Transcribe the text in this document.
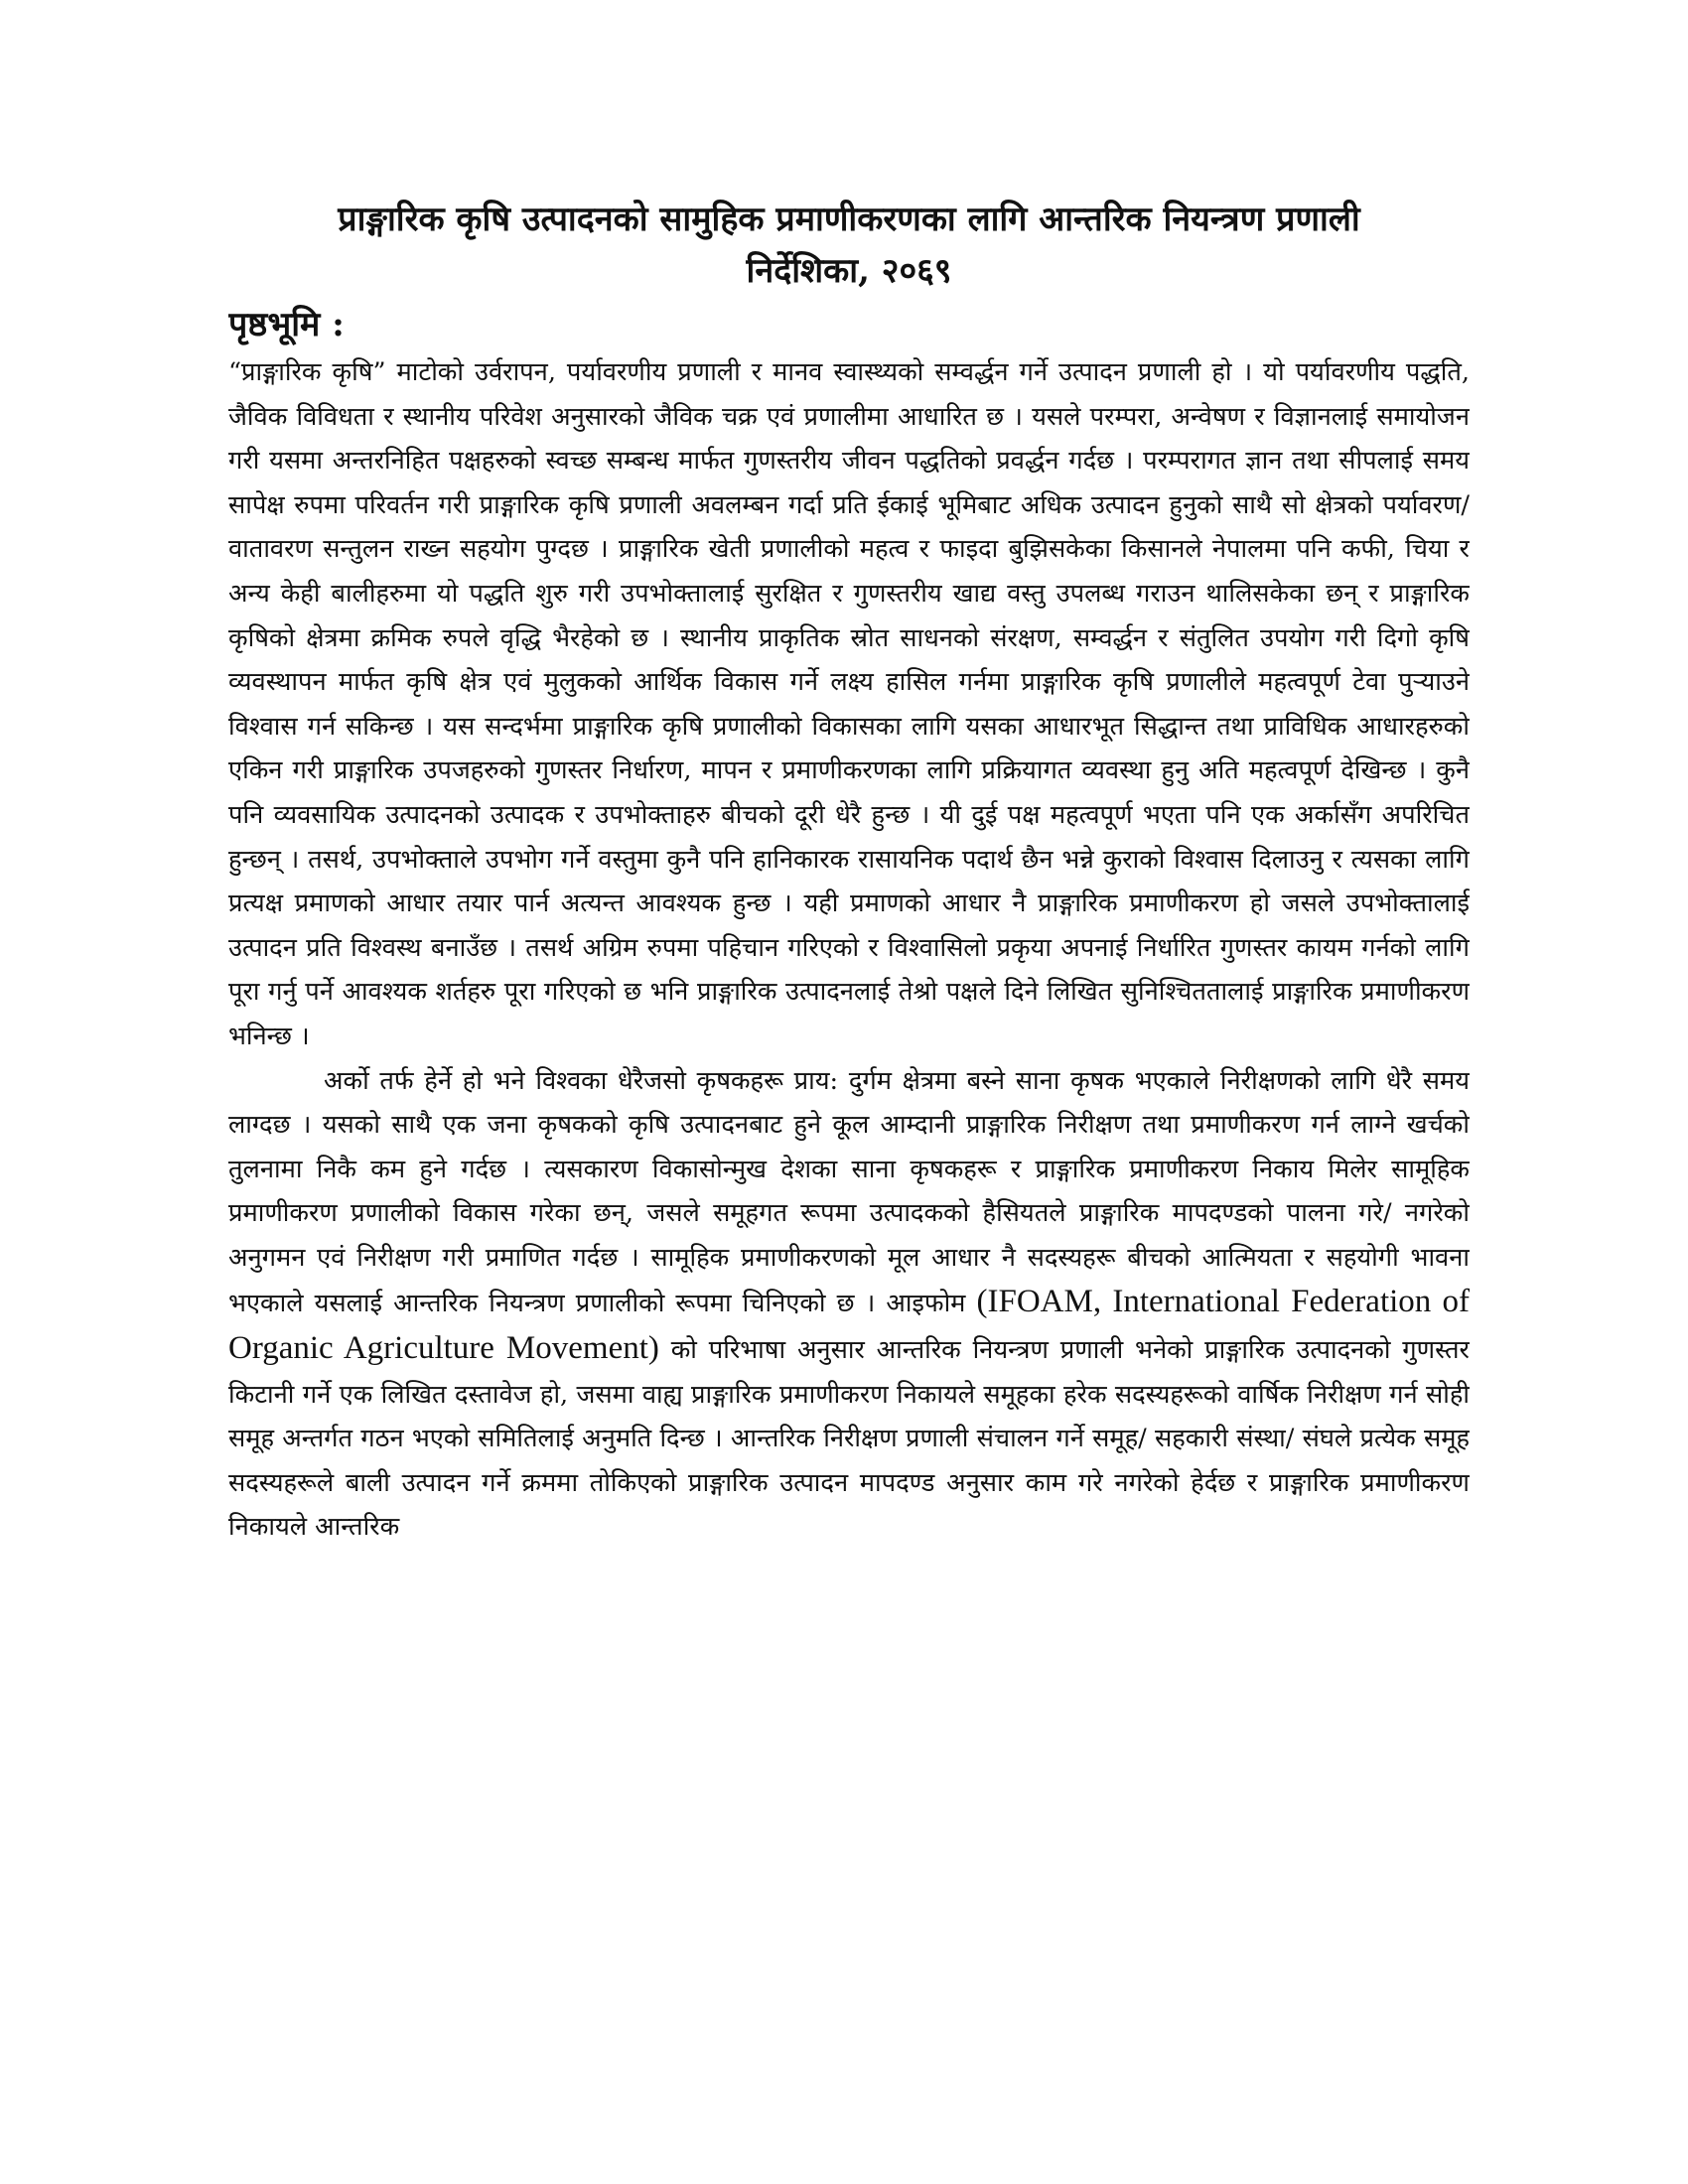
प्राङ्गारिक कृषि उत्पादनको सामुहिक प्रमाणीकरणका लागि आन्तरिक नियन्त्रण प्रणाली
निर्देशिका, २०६९
पृष्ठभूमि :

“प्राङ्गारिक कृषि” माटोको उर्वरापन, पर्यावरणीय प्रणाली र मानव स्वास्थ्यको सम्वर्द्धन गर्ने उत्पादन प्रणाली हो । यो पर्यावरणीय पद्धति, जैविक विविधता र स्थानीय परिवेश अनुसारको जैविक चक्र एवं प्रणालीमा आधारित छ । यसले परम्परा, अन्वेषण र विज्ञानलाई समायोजन गरी यसमा अन्तरनिहित पक्षहरुको स्वच्छ सम्बन्ध मार्फत गुणस्तरीय जीवन पद्धतिको प्रवर्द्धन गर्दछ । परम्परागत ज्ञान तथा सीपलाई समय सापेक्ष रुपमा परिवर्तन गरी प्राङ्गारिक कृषि प्रणाली अवलम्बन गर्दा प्रति ईकाई भूमिबाट अधिक उत्पादन हुनुको साथै सो क्षेत्रको पर्यावरण/वातावरण सन्तुलन राख्न सहयोग पुग्दछ । प्राङ्गारिक खेती प्रणालीको महत्व र फाइदा बुझिसकेका किसानले नेपालमा पनि कफी, चिया र अन्य केही बालीहरुमा यो पद्धति शुरु गरी उपभोक्तालाई सुरक्षित र गुणस्तरीय खाद्य वस्तु उपलब्ध गराउन थालिसकेका छन् र प्राङ्गारिक कृषिको क्षेत्रमा क्रमिक रुपले वृद्धि भैरहेको छ । स्थानीय प्राकृतिक स्रोत साधनको संरक्षण, सम्वर्द्धन र संतुलित उपयोग गरी दिगो कृषि व्यवस्थापन मार्फत कृषि क्षेत्र एवं मुलुकको आर्थिक विकास गर्ने लक्ष्य हासिल गर्नमा प्राङ्गारिक कृषि प्रणालीले महत्वपूर्ण टेवा पुर्‍याउने विश्वास गर्न सकिन्छ । यस सन्दर्भमा प्राङ्गारिक कृषि प्रणालीको विकासका लागि यसका आधारभूत सिद्धान्त तथा प्राविधिक आधारहरुको एकिन गरी प्राङ्गारिक उपजहरुको गुणस्तर निर्धारण, मापन र प्रमाणीकरणका लागि प्रक्रियागत व्यवस्था हुनु अति महत्वपूर्ण देखिन्छ । कुनै पनि व्यवसायिक उत्पादनको उत्पादक र उपभोक्ताहरु बीचको दूरी धेरै हुन्छ । यी दुई पक्ष महत्वपूर्ण भएता पनि एक अर्कासँग अपरिचित हुन्छन् । तसर्थ, उपभोक्ताले उपभोग गर्ने वस्तुमा कुनै पनि हानिकारक रासायनिक पदार्थ छैन भन्ने कुराको विश्वास दिलाउनु र त्यसका लागि प्रत्यक्ष प्रमाणको आधार तयार पार्न अत्यन्त आवश्यक हुन्छ । यही प्रमाणको आधार नै प्राङ्गारिक प्रमाणीकरण हो जसले उपभोक्तालाई उत्पादन प्रति विश्वस्थ बनाउँछ । तसर्थ अग्रिम रुपमा पहिचान गरिएको र विश्वासिलो प्रकृया अपनाई निर्धारित गुणस्तर कायम गर्नको लागि पूरा गर्नु पर्ने आवश्यक शर्तहरु पूरा गरिएको छ भनि प्राङ्गारिक उत्पादनलाई तेश्रो पक्षले दिने लिखित सुनिश्चिततालाई प्राङ्गारिक प्रमाणीकरण भनिन्छ ।

अर्को तर्फ हेर्ने हो भने विश्वका धेरैजसो कृषकहरू प्राय: दुर्गम क्षेत्रमा बस्ने साना कृषक भएकाले निरीक्षणको लागि धेरै समय लाग्दछ । यसको साथै एक जना कृषकको कृषि उत्पादनबाट हुने कूल आम्दानी प्राङ्गारिक निरीक्षण तथा प्रमाणीकरण गर्न लाग्ने खर्चको तुलनामा निकै कम हुने गर्दछ । त्यसकारण विकासोन्मुख देशका साना कृषकहरू र प्राङ्गारिक प्रमाणीकरण निकाय मिलेर सामूहिक प्रमाणीकरण प्रणालीको विकास गरेका छन्, जसले समूहगत रूपमा उत्पादकको हैसियतले प्राङ्गारिक मापदण्डको पालना गरे/ नगरेको अनुगमन एवं निरीक्षण गरी प्रमाणित गर्दछ । सामूहिक प्रमाणीकरणको मूल आधार नै सदस्यहरू बीचको आत्मियता र सहयोगी भावना भएकाले यसलाई आन्तरिक नियन्त्रण प्रणालीको रूपमा चिनिएको छ । आइफोम (IFOAM, International Federation of Organic Agriculture Movement) को परिभाषा अनुसार आन्तरिक नियन्त्रण प्रणाली भनेको प्राङ्गारिक उत्पादनको गुणस्तर किटानी गर्ने एक लिखित दस्तावेज हो, जसमा वाह्य प्राङ्गारिक प्रमाणीकरण निकायले समूहका हरेक सदस्यहरूको वार्षिक निरीक्षण गर्न सोही समूह अन्तर्गत गठन भएको समितिलाई अनुमति दिन्छ । आन्तरिक निरीक्षण प्रणाली संचालन गर्ने समूह/ सहकारी संस्था/ संघले प्रत्येक समूह सदस्यहरूले बाली उत्पादन गर्ने क्रममा तोकिएको प्राङ्गारिक उत्पादन मापदण्ड अनुसार काम गरे नगरेको हेर्दछ र प्राङ्गारिक प्रमाणीकरण निकायले आन्तरिक
